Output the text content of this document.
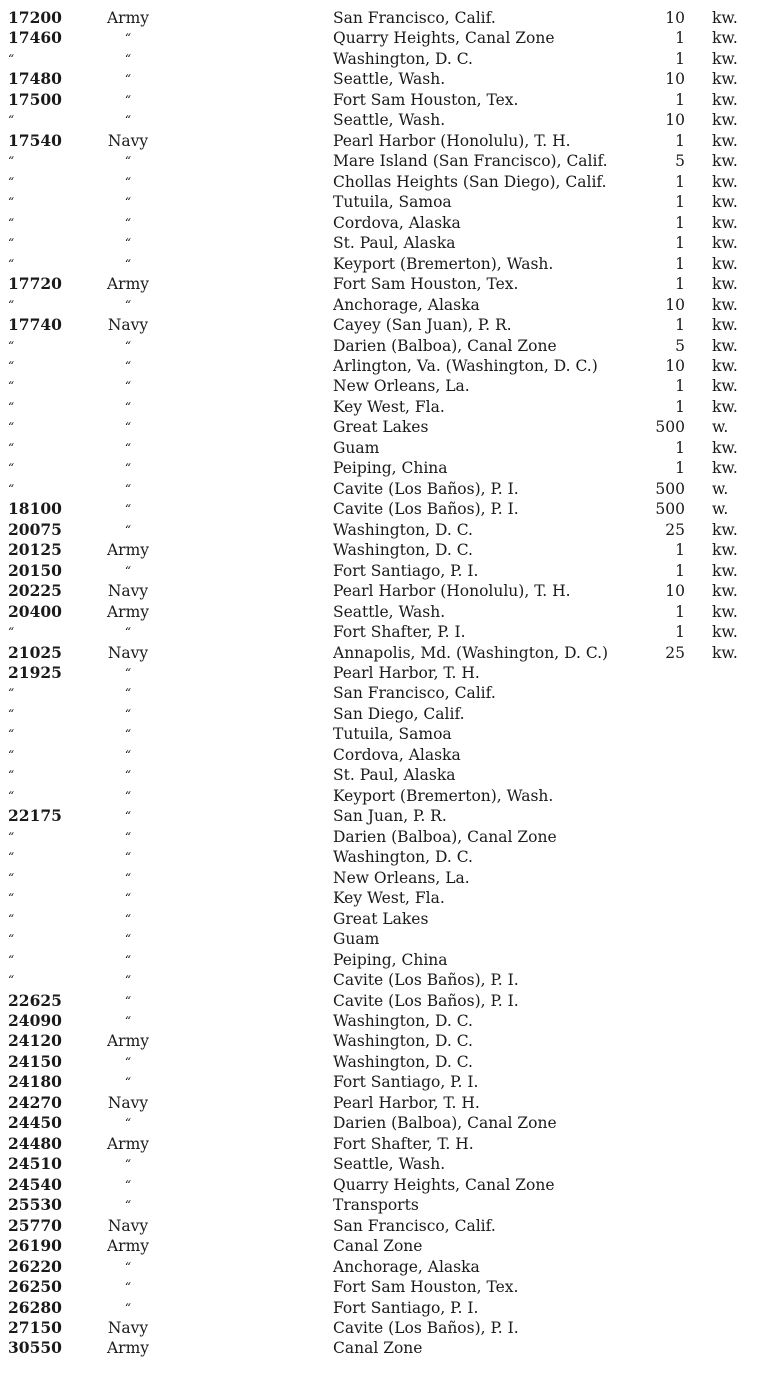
17200	Army	San Francisco, Calif.	10 kw.
17460	“	Quarry Heights, Canal Zone	1 kw.
“	“	Washington, D. C.	1 kw.
17480	“	Seattle, Wash.	10 kw.
17500	“	Fort Sam Houston, Tex.	1 kw.
“	“	Seattle, Wash.	10 kw.
17540	Navy	Pearl Harbor (Honolulu), T. H.	1 kw.
“	“	Mare Island (San Francisco), Calif.	5 kw.
“	“	Chollas Heights (San Diego), Calif.	1 kw.
“	“	Tutuila, Samoa	1 kw.
“	“	Cordova, Alaska	1 kw.
“	“	St. Paul, Alaska	1 kw.
“	“	Keyport (Bremerton), Wash.	1 kw.
17720	Army	Fort Sam Houston, Tex.	1 kw.
“	“	Anchorage, Alaska	10 kw.
17740	Navy	Cayey (San Juan), P. R.	1 kw.
“	“	Darien (Balboa), Canal Zone	5 kw.
“	“	Arlington, Va. (Washington, D. C.)	10 kw.
“	“	New Orleans, La.	1 kw.
“	“	Key West, Fla.	1 kw.
“	“	Great Lakes	500 w.
“	“	Guam	1 kw.
“	“	Peiping, China	1 kw.
“	“	Cavite (Los Baños), P. I.	500 w.
18100	“	Cavite (Los Baños), P. I.	500 w.
20075	“	Washington, D. C.	25 kw.
20125	Army	Washington, D. C.	1 kw.
20150	“	Fort Santiago, P. I.	1 kw.
20225	Navy	Pearl Harbor (Honolulu), T. H.	10 kw.
20400	Army	Seattle, Wash.	1 kw.
“	“	Fort Shafter, P. I.	1 kw.
21025	Navy	Annapolis, Md. (Washington, D. C.)	25 kw.
21925	“	Pearl Harbor, T. H.
“	“	San Francisco, Calif.
“	“	San Diego, Calif.
“	“	Tutuila, Samoa
“	“	Cordova, Alaska
“	“	St. Paul, Alaska
“	“	Keyport (Bremerton), Wash.
22175	“	San Juan, P. R.
“	“	Darien (Balboa), Canal Zone
“	“	Washington, D. C.
“	“	New Orleans, La.
“	“	Key West, Fla.
“	“	Great Lakes
“	“	Guam
“	“	Peiping, China
“	“	Cavite (Los Baños), P. I.
22625	“	Cavite (Los Baños), P. I.
24090	“	Washington, D. C.
24120	Army	Washington, D. C.
24150	“	Washington, D. C.
24180	“	Fort Santiago, P. I.
24270	Navy	Pearl Harbor, T. H.
24450	“	Darien (Balboa), Canal Zone
24480	Army	Fort Shafter, T. H.
24510	“	Seattle, Wash.
24540	“	Quarry Heights, Canal Zone
25530	“	Transports
25770	Navy	San Francisco, Calif.
26190	Army	Canal Zone
26220	“	Anchorage, Alaska
26250	“	Fort Sam Houston, Tex.
26280	“	Fort Santiago, P. I.
27150	Navy	Cavite (Los Baños), P. I.
30550	Army	Canal Zone
